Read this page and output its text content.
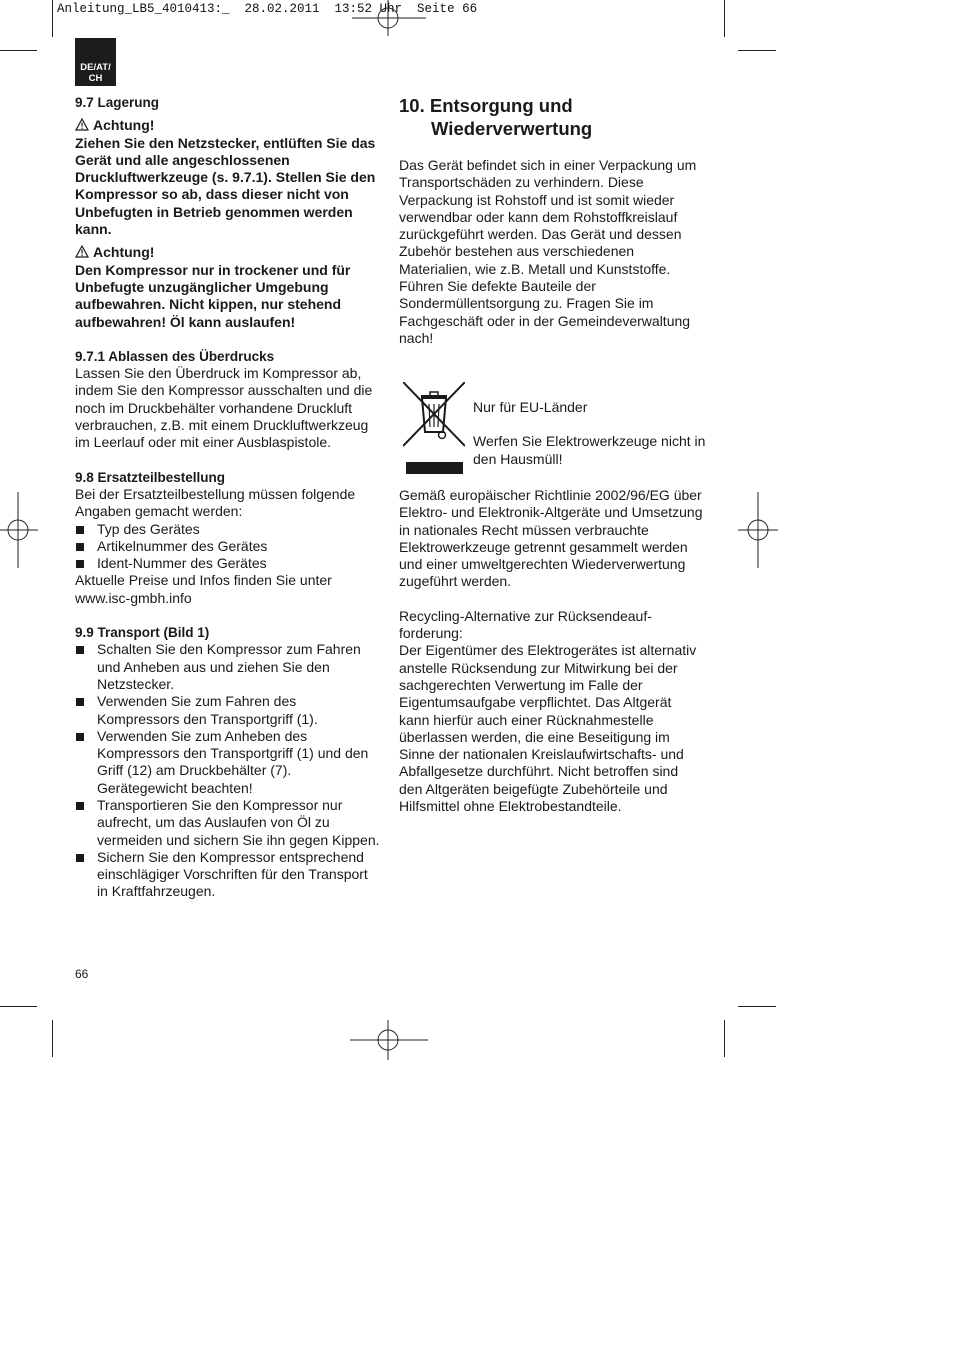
Anleitung_LB5_4010413:_  28.02.2011  13:52 Uhr  Seite 66
DE/AT/
CH

9.7 Lagerung

Achtung!

Ziehen Sie den Netzstecker, entlüften Sie das Gerät und alle angeschlossenen Druckluftwerkzeuge (s. 9.7.1). Stellen Sie den Kompressor so ab, dass dieser nicht von Unbefugten in Betrieb genommen werden kann.

Achtung!

Den Kompressor nur in trockener und für Unbefugte unzugänglicher Umgebung aufbewahren. Nicht kippen, nur stehend aufbewahren! Öl kann auslaufen!

9.7.1 Ablassen des Überdrucks

Lassen Sie den Überdruck im Kompressor ab, indem Sie den Kompressor ausschalten und die noch im Druckbehälter vorhandene Druckluft verbrauchen, z.B. mit einem Druckluftwerkzeug im Leerlauf oder mit einer Ausblaspistole.

9.8 Ersatzteilbestellung

Bei der Ersatzteilbestellung müssen folgende Angaben gemacht werden:

Typ des Gerätes
Artikelnummer des Gerätes
Ident-Nummer des Gerätes

Aktuelle Preise und Infos finden Sie unter www.isc-gmbh.info

9.9 Transport (Bild 1)

Schalten Sie den Kompressor zum Fahren und Anheben aus und ziehen Sie den Netzstecker.
Verwenden Sie zum Fahren des Kompressors den Transportgriff (1).
Verwenden Sie zum Anheben des Kompressors den Transportgriff (1) und den Griff (12) am Druckbehälter (7). Gerätegewicht beachten!
Transportieren Sie den Kompressor nur aufrecht, um das Auslaufen von Öl zu vermeiden und sichern Sie ihn gegen Kippen.
Sichern Sie den Kompressor entsprechend einschlägiger Vorschriften für den Transport in Kraftfahrzeugen.
10. Entsorgung und
Wiederverwertung

Das Gerät befindet sich in einer Verpackung um Transportschäden zu verhindern. Diese Verpackung ist Rohstoff und ist somit wieder verwendbar oder kann dem Rohstoffkreislauf zurückgeführt werden. Das Gerät und dessen Zubehör bestehen aus verschiedenen Materialien, wie z.B. Metall und Kunststoffe. Führen Sie defekte Bauteile der Sondermüllentsorgung zu. Fragen Sie im Fachgeschäft oder in der Gemeindeverwaltung nach!

Nur für EU-Länder

Werfen Sie Elektrowerkzeuge nicht in den Hausmüll!

Gemäß europäischer Richtlinie 2002/96/EG über Elektro- und Elektronik-Altgeräte und Umsetzung in nationales Recht müssen verbrauchte Elektrowerkzeuge getrennt gesammelt werden und einer umweltgerechten Wiederverwertung zugeführt werden.

Recycling-Alternative zur Rücksendeauf-forderung:

Der Eigentümer des Elektrogerätes ist alternativ anstelle Rücksendung zur Mitwirkung bei der sachgerechten Verwertung im Falle der Eigentumsaufgabe verpflichtet. Das Altgerät kann hierfür auch einer Rücknahmestelle überlassen werden, die eine Beseitigung im Sinne der nationalen Kreislaufwirtschafts- und Abfallgesetze durchführt. Nicht betroffen sind den Altgeräten beigefügte Zubehörteile und Hilfsmittel ohne Elektrobestandteile.

66
